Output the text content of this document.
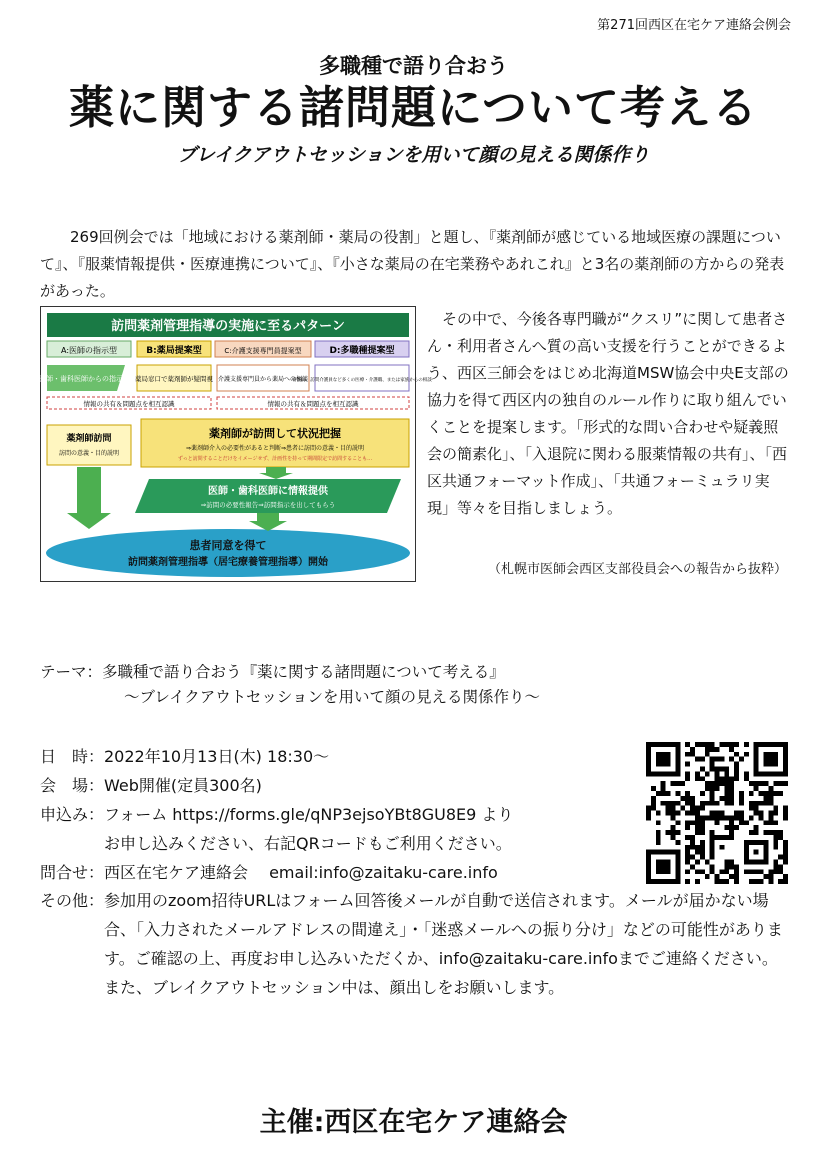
第271回西区在宅ケア連絡会例会
多職種で語り合おう
薬に関する諸問題について考える
ブレイクアウトセッションを用いて顔の見える関係作り

269回例会では「地域における薬剤師・薬局の役割」と題し、『薬剤師が感じている地域医療の課題について』、『服薬情報提供・医療連携について』、『小さな薬局の在宅業務やあれこれ』と3名の薬剤師の方からの発表があった。

訪問薬剤管理指導の実施に至るパターン
A:医師の指示型	B:薬局提案型	C:介護支援専門員提案型	D:多職種提案型
医師・歯科医師からの指示 薬局窓口で薬剤師が疑問視 介護支援専門員から薬局への相談
看護師、訪問介護員など多くの医療・介護職、または家族からの相談
情報の共有＆問題点を相互認識	情報の共有＆問題点を相互認識
薬剤師訪問
訪問の意義・目的説明
薬剤師が訪問して状況把握
⇒薬剤師介入の必要性があると判断⇒患者に訪問の意義・目的説明
ずっと訪問することだけをイメージせず、計画性を持って期間限定で訪問することも…
医師・歯科医師に情報提供
⇒訪問の必要性報告⇒訪問指示を出してもらう
患者同意を得て
訪問薬剤管理指導（居宅療養管理指導）開始

その中で、今後各専門職が“クスリ”に関して患者さん・利用者さんへ質の高い支援を行うことができるよう、西区三師会をはじめ北海道MSW協会中央E支部の協力を得て西区内の独自のルール作りに取り組んでいくことを提案します。「形式的な問い合わせや疑義照会の簡素化」、「入退院に関わる服薬情報の共有」、「西区共通フォーマット作成」、「共通フォーミュラリ実現」等々を目指しましょう。

（札幌市医師会西区支部役員会への報告から抜粋）
テーマ：多職種で語り合おう『薬に関する諸問題について考える』
～ブレイクアウトセッションを用いて顔の見える関係作り～
日　時： 2022年10月13日(木) 18:30～
会　場： Web開催(定員300名)
申込み： フォーム https://forms.gle/qNP3ejsoYBt8GU8E9 より
お申し込みください、右記QRコードもご利用ください。
問合せ： 西区在宅ケア連絡会　 email:info@zaitaku-care.info
その他： 参加用のzoom招待URLはフォーム回答後メールが自動で送信されます。メールが届かない場合、「入力されたメールアドレスの間違え」・「迷惑メールへの振り分け」などの可能性があります。ご確認の上、再度お申し込みいただくか、info@zaitaku-care.infoまでご連絡ください。
また、ブレイクアウトセッション中は、顔出しをお願いします。
主催:西区在宅ケア連絡会
